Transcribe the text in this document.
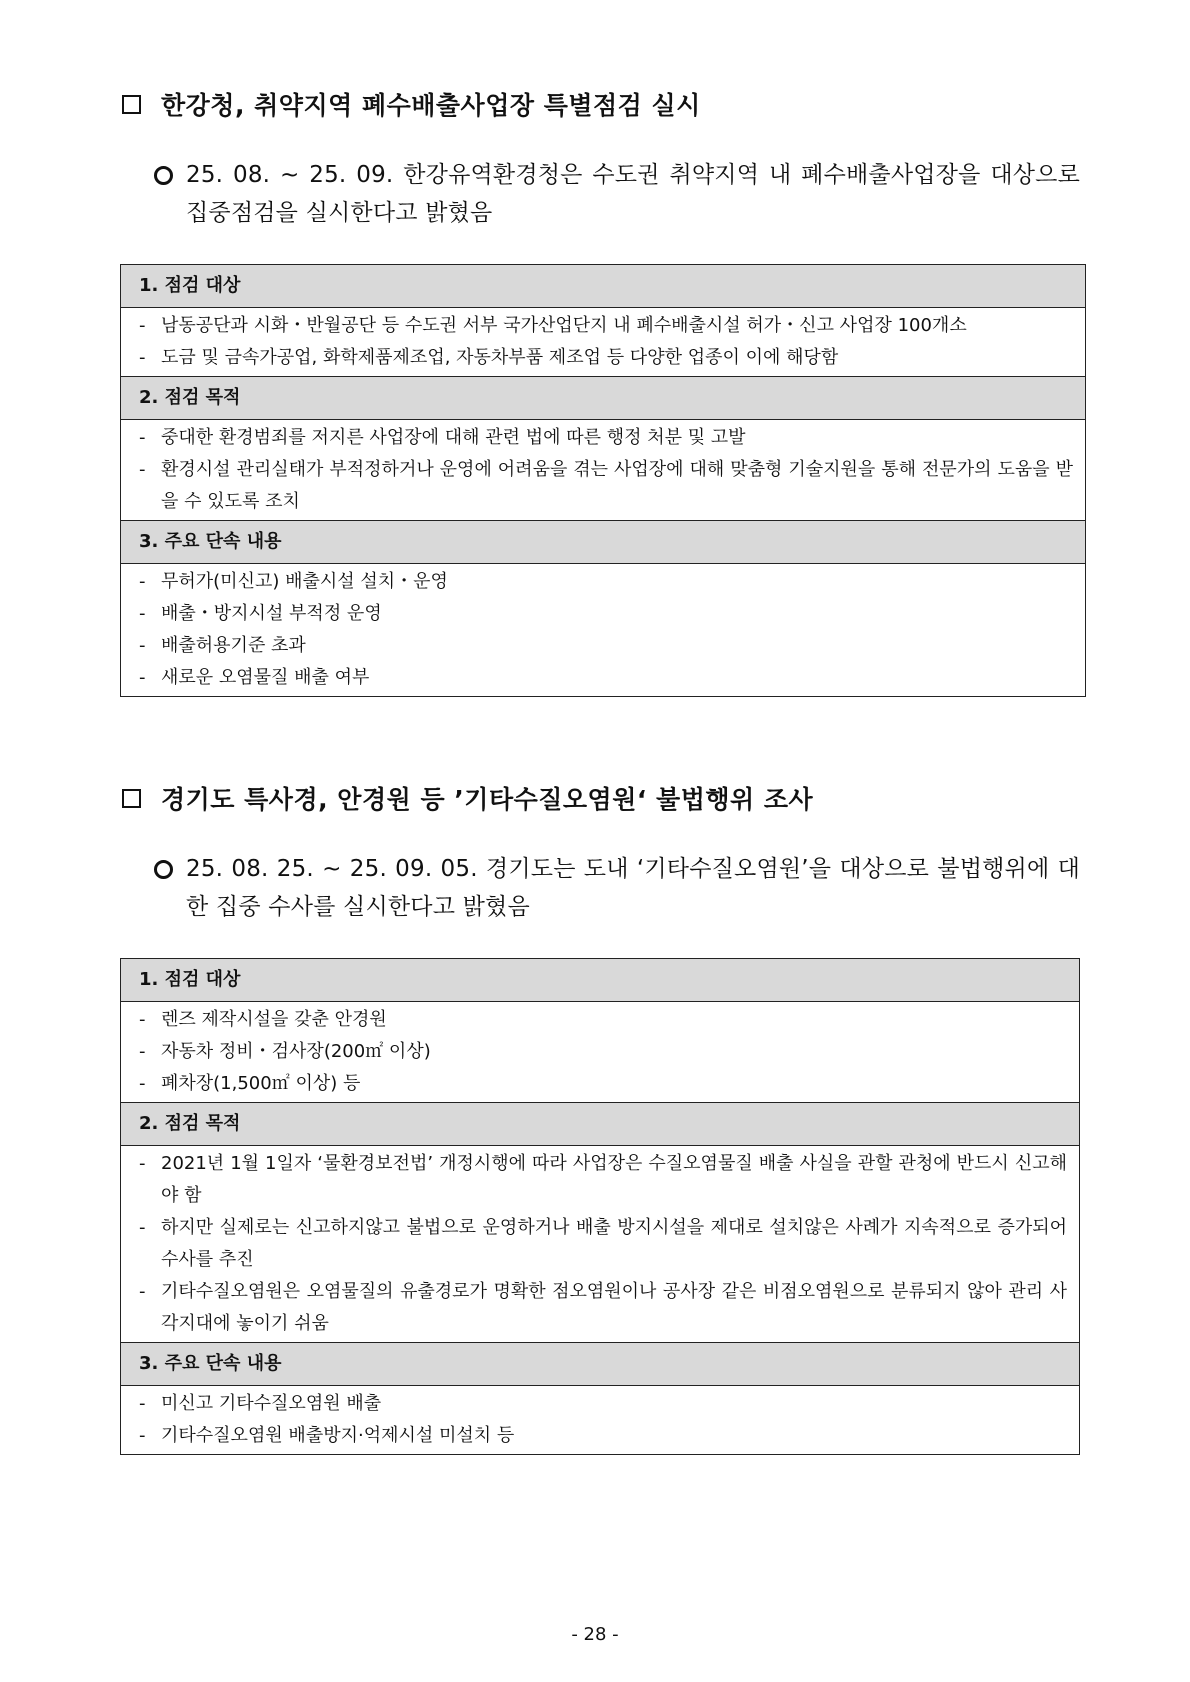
한강청, 취약지역 폐수배출사업장 특별점검 실시
25. 08. ~ 25. 09. 한강유역환경청은 수도권 취약지역 내 폐수배출사업장을 대상으로 집중점검을 실시한다고 밝혔음
1. 점검 대상
- 남동공단과 시화・반월공단 등 수도권 서부 국가산업단지 내 폐수배출시설 허가・신고 사업장 100개소
- 도금 및 금속가공업, 화학제품제조업, 자동차부품 제조업 등 다양한 업종이 이에 해당함
2. 점검 목적
- 중대한 환경범죄를 저지른 사업장에 대해 관련 법에 따른 행정 처분 및 고발
- 환경시설 관리실태가 부적정하거나 운영에 어려움을 겪는 사업장에 대해 맞춤형 기술지원을 통해 전문가의 도움을 받을 수 있도록 조치
3. 주요 단속 내용
- 무허가(미신고) 배출시설 설치・운영
- 배출・방지시설 부적정 운영
- 배출허용기준 초과
- 새로운 오염물질 배출 여부
경기도 특사경, 안경원 등 ’기타수질오염원‘ 불법행위 조사
25. 08. 25. ~ 25. 09. 05. 경기도는 도내 ‘기타수질오염원’을 대상으로 불법행위에 대한 집중 수사를 실시한다고 밝혔음
1. 점검 대상
- 렌즈 제작시설을 갖춘 안경원
- 자동차 정비・검사장(200㎡ 이상)
- 폐차장(1,500㎡ 이상) 등
2. 점검 목적
- 2021년 1월 1일자 ‘물환경보전법’ 개정시행에 따라 사업장은 수질오염물질 배출 사실을 관할 관청에 반드시 신고해야 함
- 하지만 실제로는 신고하지않고 불법으로 운영하거나 배출 방지시설을 제대로 설치않은 사례가 지속적으로 증가되어 수사를 추진
- 기타수질오염원은 오염물질의 유출경로가 명확한 점오염원이나 공사장 같은 비점오염원으로 분류되지 않아 관리 사각지대에 놓이기 쉬움
3. 주요 단속 내용
- 미신고 기타수질오염원 배출
- 기타수질오염원 배출방지·억제시설 미설치 등
- 28 -
